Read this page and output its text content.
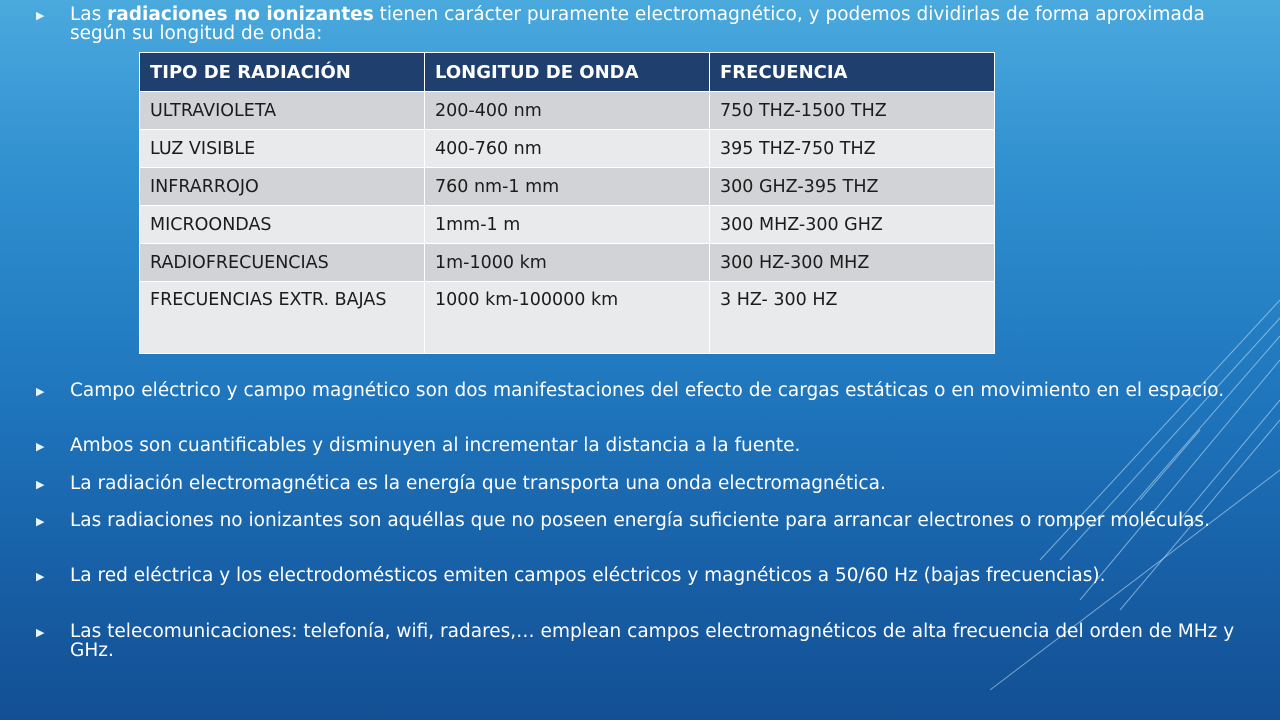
▶	Las radiaciones no ionizantes tienen carácter puramente electromagnético, y podemos dividirlas de forma aproximada según su longitud de onda:
TIPO DE RADIACIÓN	LONGITUD DE ONDA	FRECUENCIA
ULTRAVIOLETA	200-400 nm	750 THZ-1500 THZ
LUZ VISIBLE	400-760 nm	395 THZ-750 THZ
INFRARROJO	760 nm-1 mm	300 GHZ-395 THZ
MICROONDAS	1mm-1 m	300 MHZ-300 GHZ
RADIOFRECUENCIAS	1m-1000 km	300 HZ-300 MHZ
FRECUENCIAS EXTR. BAJAS	1000 km-100000 km	3 HZ- 300 HZ
▶	Campo eléctrico y campo magnético son dos manifestaciones del efecto de cargas estáticas o en movimiento en el espacio.
▶	Ambos son cuantificables y disminuyen al incrementar la distancia a la fuente.
▶	La radiación electromagnética es la energía que transporta una onda electromagnética.
▶	Las radiaciones no ionizantes son aquéllas que no poseen energía suficiente para arrancar electrones o romper moléculas.
▶	La red eléctrica y los electrodomésticos emiten campos eléctricos y magnéticos a 50/60 Hz (bajas frecuencias).
▶	Las telecomunicaciones: telefonía, wifi, radares,… emplean campos electromagnéticos de alta frecuencia del orden de MHz y GHz.
